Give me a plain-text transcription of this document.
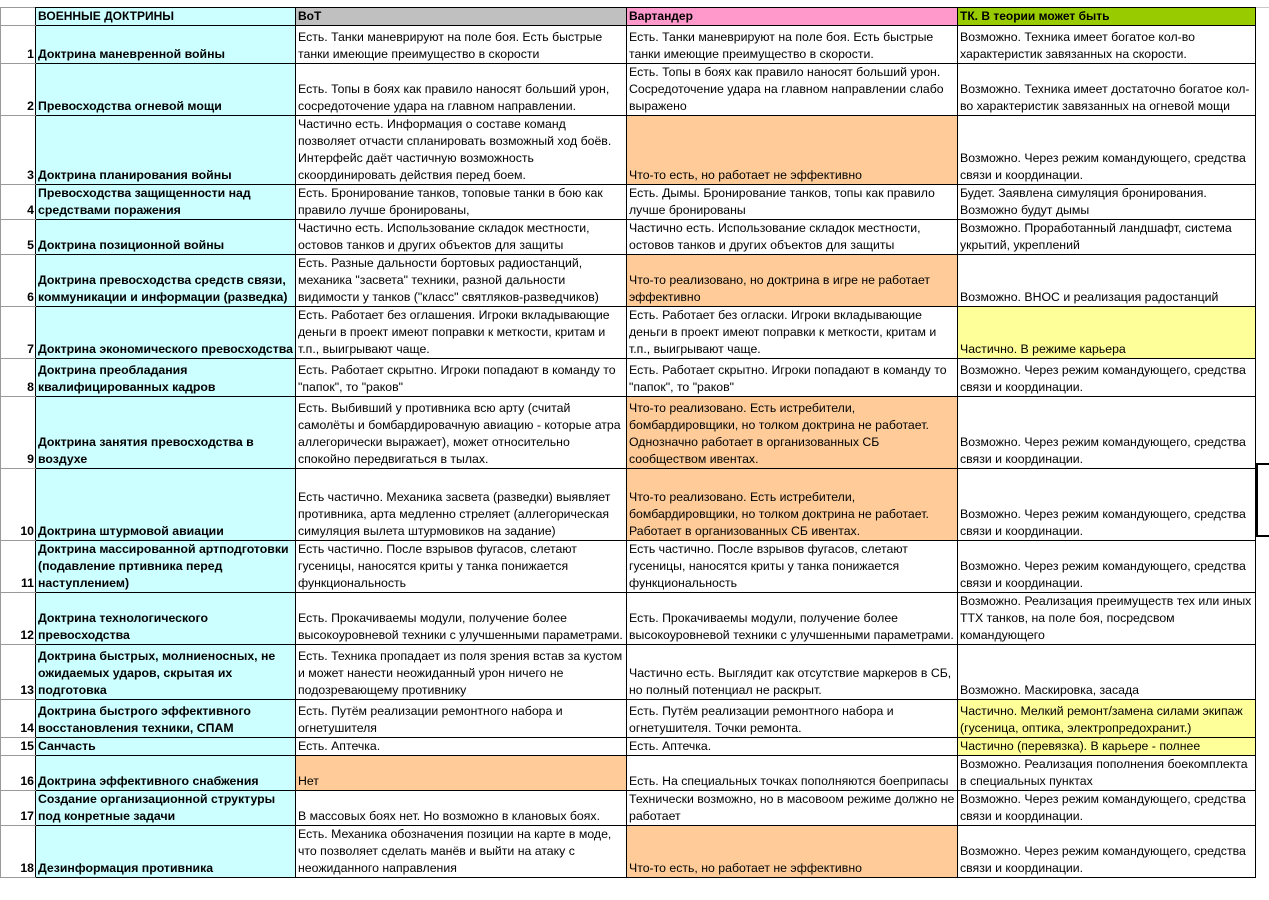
	ВОЕННЫЕ ДОКТРИНЫ	BoT	Вартандер	ТК. В теории может быть
1	Доктрина маневренной войны	Есть. Танки маневрируют на поле боя. Есть быстрые танки имеющие преимущество в скорости	Есть. Танки маневрируют на поле боя. Есть быстрые танки имеющие преимущество в скорости.	Возможно. Техника имеет богатое кол-во характеристик завязанных на скорости.
2	Превосходства огневой мощи	Есть. Топы в боях как правило наносят больший урон, сосредоточение удара на главном направлении.	Есть. Топы в боях как правило наносят больший урон. Сосредоточение удара на главном направлении слабо выражено	Возможно. Техника имеет достаточно богатое кол-во характеристик завязанных на огневой мощи
3	Доктрина планирования войны	Частично есть. Информация о составе команд позволяет отчасти спланировать возможный ход боёв. Интерфейс даёт частичную возможность скоординировать действия перед боем.	Что-то есть, но работает не эффективно	Возможно. Через режим командующего, средства связи и координации.
4	Превосходства защищенности над средствами поражения	Есть. Бронирование танков, топовые танки в бою как правило лучше бронированы,	Есть. Дымы. Бронирование танков, топы как правило лучше бронированы	Будет. Заявлена симуляция бронирования. Возможно будут дымы
5	Доктрина позиционной войны	Частично есть. Использование складок местности, остовов танков и других объектов для защиты	Частично есть. Использование складок местности, остовов танков и других объектов для защиты	Возможно. Проработанный ландшафт, система укрытий, укреплений
6	Доктрина превосходства средств связи, коммуникации и информации (разведка)	Есть. Разные дальности бортовых радиостанций, механика "засвета" техники, разной дальности видимости у танков ("класс" святляков-разведчиков)	Что-то реализовано, но доктрина в игре не работает эффективно	Возможно. ВНОС и реализация радостанций
7	Доктрина экономического превосходства	Есть. Работает без оглашения. Игроки вкладывающие деньги в проект имеют поправки к меткости, критам и т.п., выигрывают чаще.	Есть. Работает без огласки. Игроки вкладывающие деньги в проект имеют поправки к меткости, критам и т.п., выигрывают чаще.	Частично. В режиме карьера
8	Доктрина преобладания квалифицированных кадров	Есть. Работает скрытно. Игроки попадают в команду то "папок", то "раков"	Есть. Работает скрытно. Игроки попадают в команду то "папок", то "раков"	Возможно. Через режим командующего, средства связи и координации.
9	Доктрина занятия превосходства в воздухе	Есть. Выбивший у противника всю арту (считай самолёты и бомбардировачную авиацию - которые атра аллегорически выражает), может относительно спокойно передвигаться в тылах.	Что-то реализовано. Есть истребители, бомбардировщики, но толком доктрина не работает. Однозначно работает в организованных СБ сообществом ивентах.	Возможно. Через режим командующего, средства связи и координации.
10	Доктрина штурмовой авиации	Есть частично. Механика засвета (разведки) выявляет противника, арта медленно стреляет (аллегорическая симуляция вылета штурмовиков на задание)	Что-то реализовано. Есть истребители, бомбардировщики, но толком доктрина не работает. Работает в организованных СБ ивентах.	Возможно. Через режим командующего, средства связи и координации.
11	Доктрина массированной артподготовки (подавление пртивника перед наступлением)	Есть частично. После взрывов фугасов, слетают гусеницы, наносятся криты у танка понижается функциональность	Есть частично. После взрывов фугасов, слетают гусеницы, наносятся криты у танка понижается функциональность	Возможно. Через режим командующего, средства связи и координации.
12	Доктрина технологического превосходства	Есть. Прокачиваемы модули, получение более высокоуровневой техники с улучшенными параметрами.	Есть. Прокачиваемы модули, получение более высокоуровневой техники с улучшенными параметрами.	Возможно. Реализация преимуществ тех или иных ТТХ танков, на поле боя, посредсвом командующего
13	Доктрина быстрых, молниеносных, не ожидаемых ударов, скрытая их подготовка	Есть. Техника пропадает из поля зрения встав за кустом и может нанести неожиданный урон ничего не подозревающему противнику	Частично есть. Выглядит как отсутствие маркеров в СБ, но полный потенциал не раскрыт.	Возможно. Маскировка, засада
14	Доктрина быстрого эффективного восстановления техники, СПАМ	Есть. Путём реализации ремонтного набора и огнетушителя	Есть. Путём реализации ремонтного набора и огнетушителя. Точки ремонта.	Частично. Мелкий ремонт/замена силами экипаж (гусеница, оптика, электропредохранит.)
15	Санчасть	Есть. Аптечка.	Есть. Аптечка.	Частично (перевязка). В карьере - полнее
16	Доктрина эффективного снабжения	Нет	Есть. На специальных точках пополняются боеприпасы	Возможно. Реализация пополнения боекомплекта в специальных пунктах
17	Создание организационной структуры под конретные задачи	В массовых боях нет. Но возможно в клановых боях.	Технически возможно, но в масовоом режиме должно не работает	Возможно. Через режим командующего, средства связи и координации.
18	Дезинформация противника	Есть. Механика обозначения позиции на карте в моде, что позволяет сделать манёв и выйти на атаку с неожиданного направления	Что-то есть, но работает не эффективно	Возможно. Через режим командующего, средства связи и координации.
